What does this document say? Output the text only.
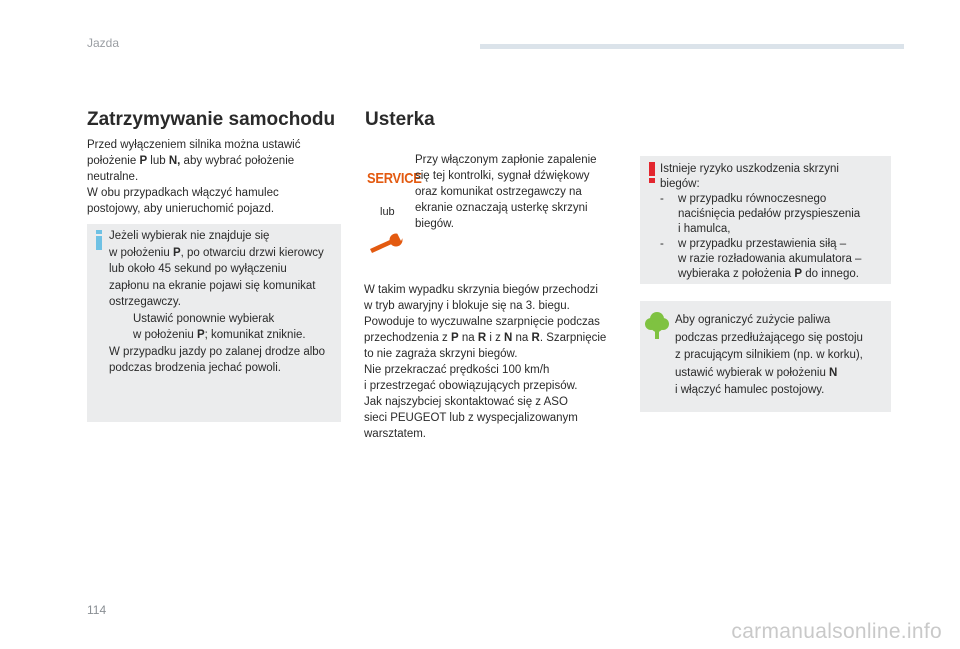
Jazda
114
carmanualsonline.info
Zatrzymywanie samochodu

Przed wyłączeniem silnika można ustawić

położenie P lub N, aby wybrać położenie

neutralne.

W obu przypadkach włączyć hamulec

postojowy, aby unieruchomić pojazd.

Jeżeli wybierak nie znajduje się

w położeniu P, po otwarciu drzwi kierowcy

lub około 45 sekund po wyłączeniu

zapłonu na ekranie pojawi się komunikat

ostrzegawczy.

Ustawić ponownie wybierak

w położeniu P; komunikat zniknie.

W przypadku jazdy po zalanej drodze albo

podczas brodzenia jechać powoli.

Usterka
SERVICE
lub

Przy włączonym zapłonie zapalenie

się tej kontrolki, sygnał dźwiękowy

oraz komunikat ostrzegawczy na

ekranie oznaczają usterkę skrzyni

biegów.

W takim wypadku skrzynia biegów przechodzi

w tryb awaryjny i blokuje się na 3. biegu.

Powoduje to wyczuwalne szarpnięcie podczas

przechodzenia z P na R i z N na R. Szarpnięcie

to nie zagraża skrzyni biegów.

Nie przekraczać prędkości 100 km/h

i przestrzegać obowiązujących przepisów.

Jak najszybciej skontaktować się z ASO

sieci PEUGEOT lub z wyspecjalizowanym

warsztatem.

Istnieje ryzyko uszkodzenia skrzyni

biegów:

-	w przypadku równoczesnego

naciśnięcia pedałów przyspieszenia

i hamulca,

-	w przypadku przestawienia siłą –

w razie rozładowania akumulatora –

wybieraka z położenia P do innego.

Aby ograniczyć zużycie paliwa

podczas przedłużającego się postoju

z pracującym silnikiem (np. w korku),

ustawić wybierak w położeniu N

i włączyć hamulec postojowy.
